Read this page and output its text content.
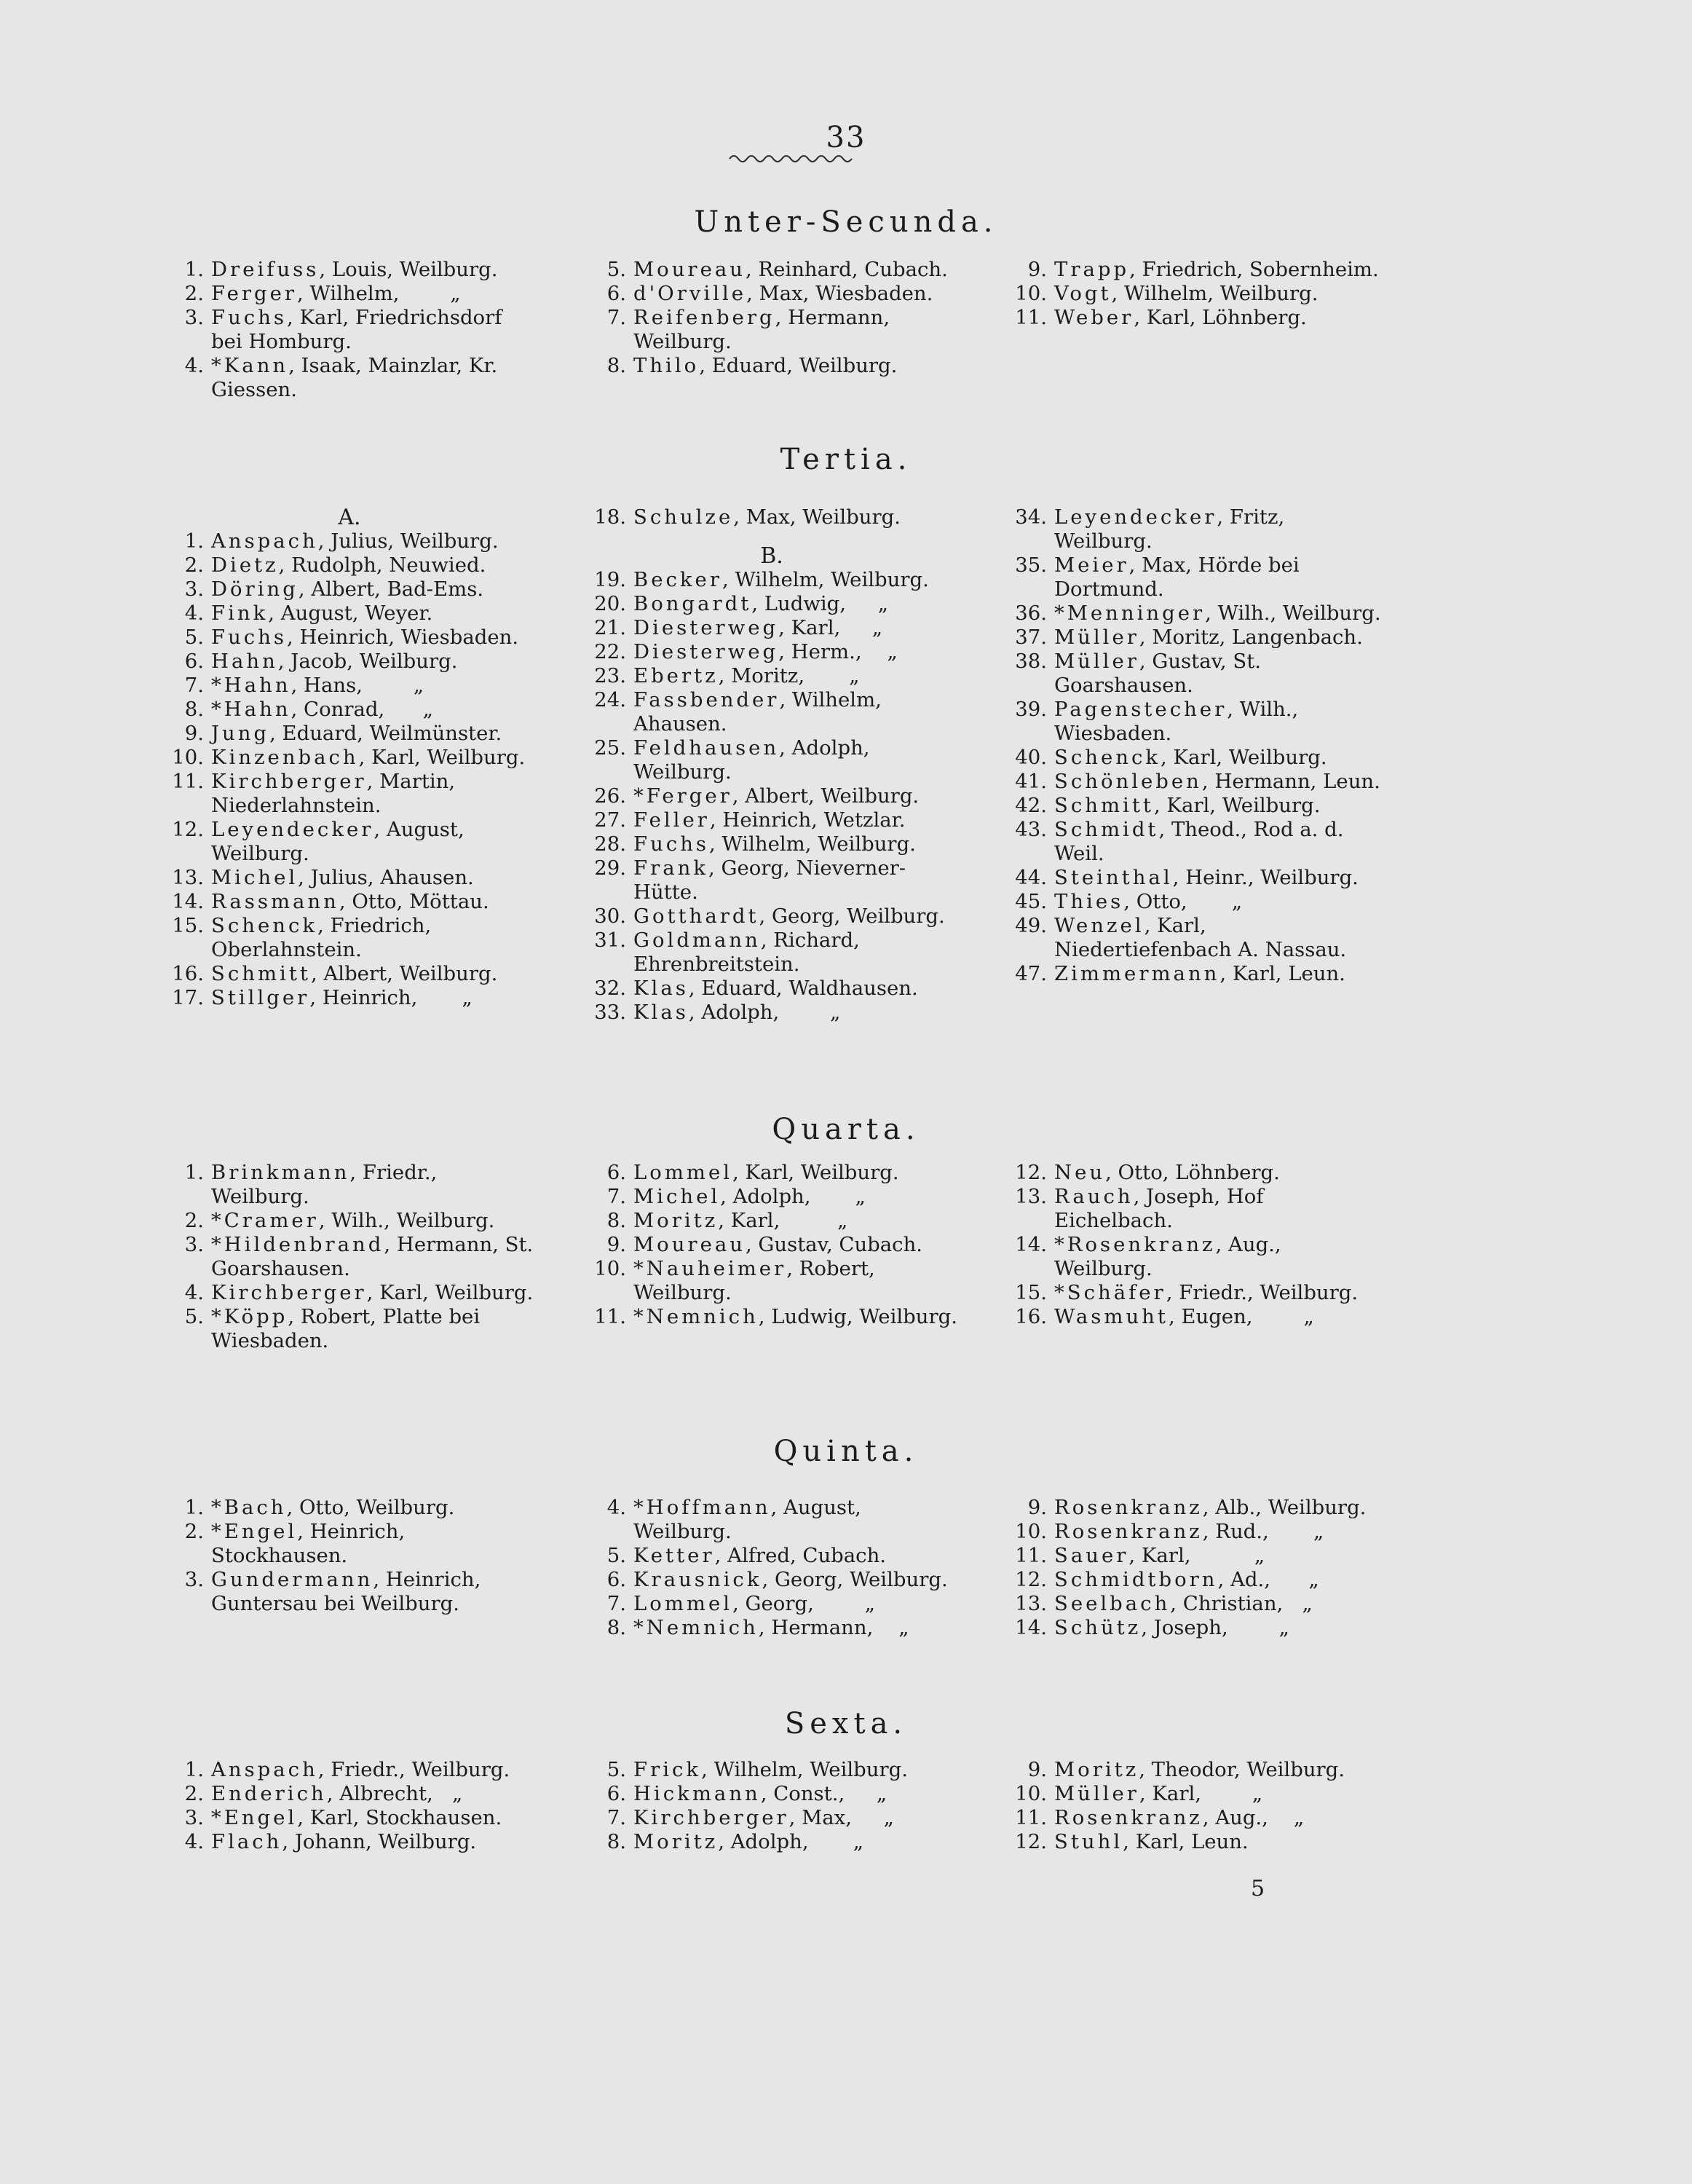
33
Unter-Secunda.
1. Dreifuss, Louis, Weilburg.
2. Ferger, Wilhelm,        „
3. Fuchs, Karl, Friedrichsdorf bei Homburg.
4. *Kann, Isaak, Mainzlar, Kr. Giessen.
5. Moureau, Reinhard, Cubach.
6. d'Orville, Max, Wiesbaden.
7. Reifenberg, Hermann, Weilburg.
8. Thilo, Eduard, Weilburg.
9. Trapp, Friedrich, Sobernheim.
10. Vogt, Wilhelm, Weilburg.
11. Weber, Karl, Löhnberg.
Tertia.
A.
1. Anspach, Julius, Weilburg.
2. Dietz, Rudolph, Neuwied.
3. Döring, Albert, Bad-Ems.
4. Fink, August, Weyer.
5. Fuchs, Heinrich, Wiesbaden.
6. Hahn, Jacob, Weilburg.
7. *Hahn, Hans,        „
8. *Hahn, Conrad,      „
9. Jung, Eduard, Weilmünster.
10. Kinzenbach, Karl, Weilburg.
11. Kirchberger, Martin, Niederlahnstein.
12. Leyendecker, August, Weilburg.
13. Michel, Julius, Ahausen.
14. Rassmann, Otto, Möttau.
15. Schenck, Friedrich, Oberlahnstein.
16. Schmitt, Albert, Weilburg.
17. Stillger, Heinrich,       „
18. Schulze, Max, Weilburg.
B.
19. Becker, Wilhelm, Weilburg.
20. Bongardt, Ludwig,     „
21. Diesterweg, Karl,     „
22. Diesterweg, Herm.,    „
23. Ebertz, Moritz,       „
24. Fassbender, Wilhelm, Ahausen.
25. Feldhausen, Adolph, Weilburg.
26. *Ferger, Albert, Weilburg.
27. Feller, Heinrich, Wetzlar.
28. Fuchs, Wilhelm, Weilburg.
29. Frank, Georg, Nieverner-Hütte.
30. Gotthardt, Georg, Weilburg.
31. Goldmann, Richard, Ehrenbreitstein.
32. Klas, Eduard, Waldhausen.
33. Klas, Adolph,        „
34. Leyendecker, Fritz, Weilburg.
35. Meier, Max, Hörde bei Dortmund.
36. *Menninger, Wilh., Weilburg.
37. Müller, Moritz, Langenbach.
38. Müller, Gustav, St. Goarshausen.
39. Pagenstecher, Wilh., Wiesbaden.
40. Schenck, Karl, Weilburg.
41. Schönleben, Hermann, Leun.
42. Schmitt, Karl, Weilburg.
43. Schmidt, Theod., Rod a. d. Weil.
44. Steinthal, Heinr., Weilburg.
45. Thies, Otto,       „
49. Wenzel, Karl, Niedertiefenbach A. Nassau.
47. Zimmermann, Karl, Leun.
Quarta.
1. Brinkmann, Friedr., Weilburg.
2. *Cramer, Wilh., Weilburg.
3. *Hildenbrand, Hermann, St. Goarshausen.
4. Kirchberger, Karl, Weilburg.
5. *Köpp, Robert, Platte bei Wiesbaden.
6. Lommel, Karl, Weilburg.
7. Michel, Adolph,       „
8. Moritz, Karl,         „
9. Moureau, Gustav, Cubach.
10. *Nauheimer, Robert, Weilburg.
11. *Nemnich, Ludwig, Weilburg.
12. Neu, Otto, Löhnberg.
13. Rauch, Joseph, Hof Eichelbach.
14. *Rosenkranz, Aug., Weilburg.
15. *Schäfer, Friedr., Weilburg.
16. Wasmuht, Eugen,        „
Quinta.
1. *Bach, Otto, Weilburg.
2. *Engel, Heinrich, Stockhausen.
3. Gundermann, Heinrich, Guntersau bei Weilburg.
4. *Hoffmann, August, Weilburg.
5. Ketter, Alfred, Cubach.
6. Krausnick, Georg, Weilburg.
7. Lommel, Georg,        „
8. *Nemnich, Hermann,    „
9. Rosenkranz, Alb., Weilburg.
10. Rosenkranz, Rud.,       „
11. Sauer, Karl,          „
12. Schmidtborn, Ad.,      „
13. Seelbach, Christian,   „
14. Schütz, Joseph,        „
Sexta.
1. Anspach, Friedr., Weilburg.
2. Enderich, Albrecht,   „
3. *Engel, Karl, Stockhausen.
4. Flach, Johann, Weilburg.
5. Frick, Wilhelm, Weilburg.
6. Hickmann, Const.,     „
7. Kirchberger, Max,     „
8. Moritz, Adolph,       „
9. Moritz, Theodor, Weilburg.
10. Müller, Karl,        „
11. Rosenkranz, Aug.,    „
12. Stuhl, Karl, Leun.
5
